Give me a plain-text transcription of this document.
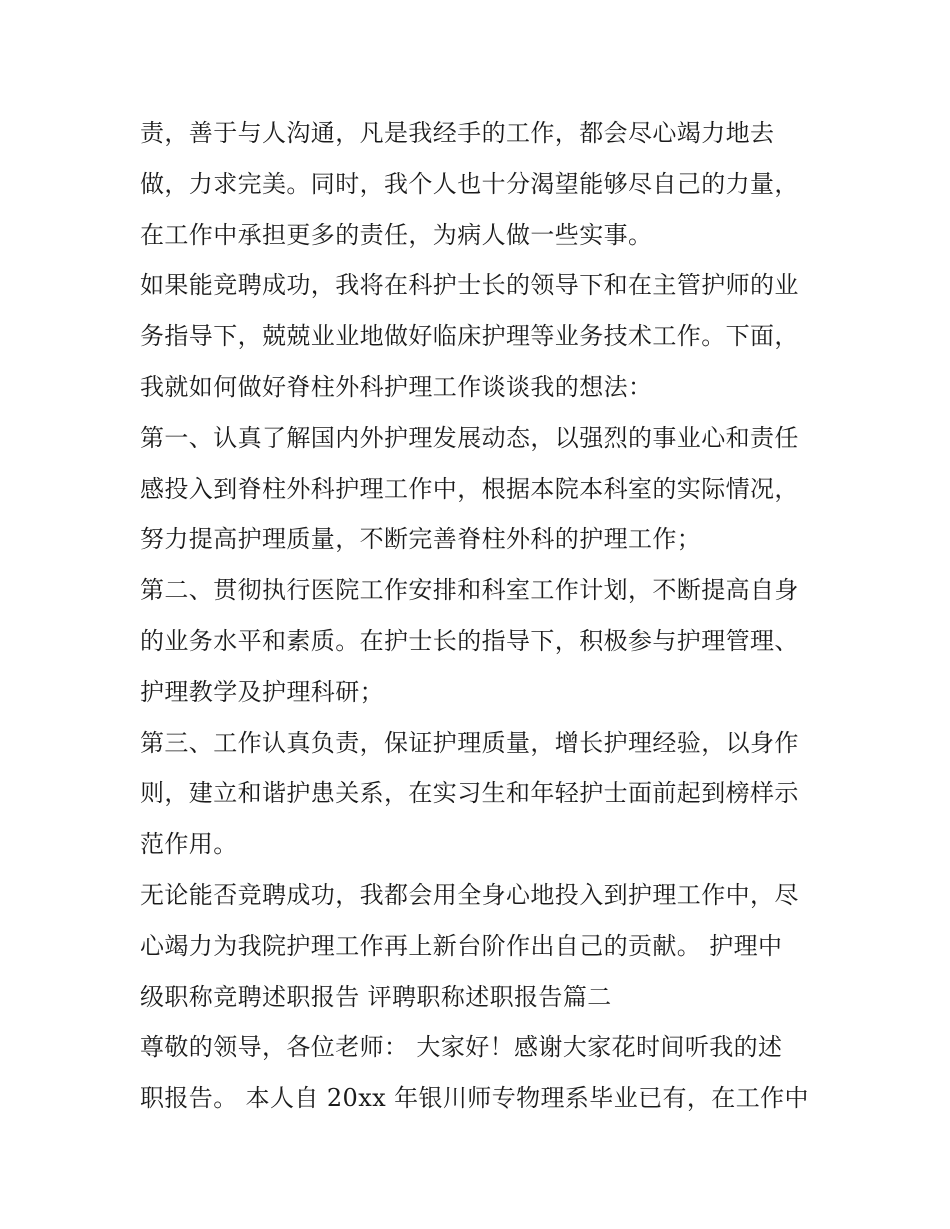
责，善于与人沟通，凡是我经手的工作，都会尽心竭力地去
做，力求完美。同时，我个人也十分渴望能够尽自己的力量，
在工作中承担更多的责任，为病人做一些实事。
如果能竞聘成功，我将在科护士长的领导下和在主管护师的业
务指导下，兢兢业业地做好临床护理等业务技术工作。下面，
我就如何做好脊柱外科护理工作谈谈我的想法：
第一、认真了解国内外护理发展动态，以强烈的事业心和责任
感投入到脊柱外科护理工作中，根据本院本科室的实际情况，
努力提高护理质量，不断完善脊柱外科的护理工作；
第二、贯彻执行医院工作安排和科室工作计划，不断提高自身
的业务水平和素质。在护士长的指导下，积极参与护理管理、
护理教学及护理科研；
第三、工作认真负责，保证护理质量，增长护理经验，以身作
则，建立和谐护患关系，在实习生和年轻护士面前起到榜样示
范作用。
无论能否竞聘成功，我都会用全身心地投入到护理工作中，尽
心竭力为我院护理工作再上新台阶作出自己的贡献。 护理中
级职称竞聘述职报告 评聘职称述职报告篇二
尊敬的领导，各位老师： 大家好！感谢大家花时间听我的述
职报告。 本人自 20xx 年银川师专物理系毕业已有，在工作中
